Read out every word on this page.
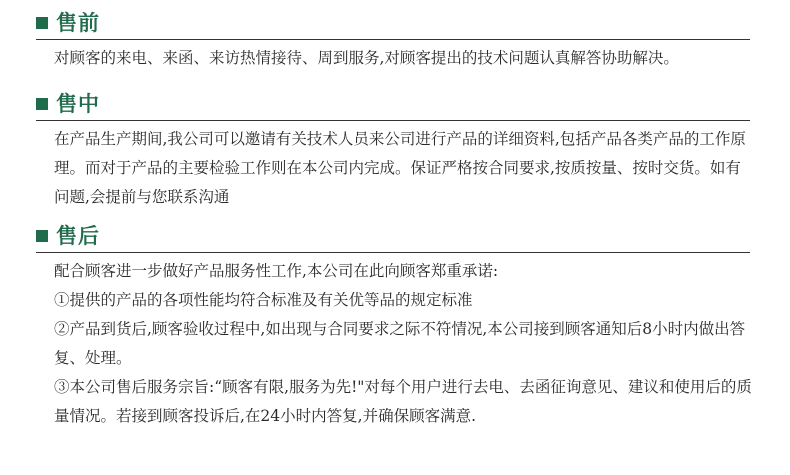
售前

对顾客的来电、来函、来访热情接待、周到服务,对顾客提出的技术问题认真解答协助解决。

售中

在产品生产期间,我公司可以邀请有关技术人员来公司进行产品的详细资料,包括产品各类产品的工作原理。而对于产品的主要检验工作则在本公司内完成。保证严格按合同要求,按质按量、按时交货。如有问题,会提前与您联系沟通

售后

配合顾客进一步做好产品服务性工作,本公司在此向顾客郑重承诺:

①提供的产品的各项性能均符合标准及有关优等品的规定标准

②产品到货后,顾客验收过程中,如出现与合同要求之际不符情况,本公司接到顾客通知后8小时内做出答复、处理。

③本公司售后服务宗旨:“顾客有限,服务为先!"对每个用户进行去电、去函征询意见、建议和使用后的质量情况。若接到顾客投诉后,在24小时内答复,并确保顾客满意.
